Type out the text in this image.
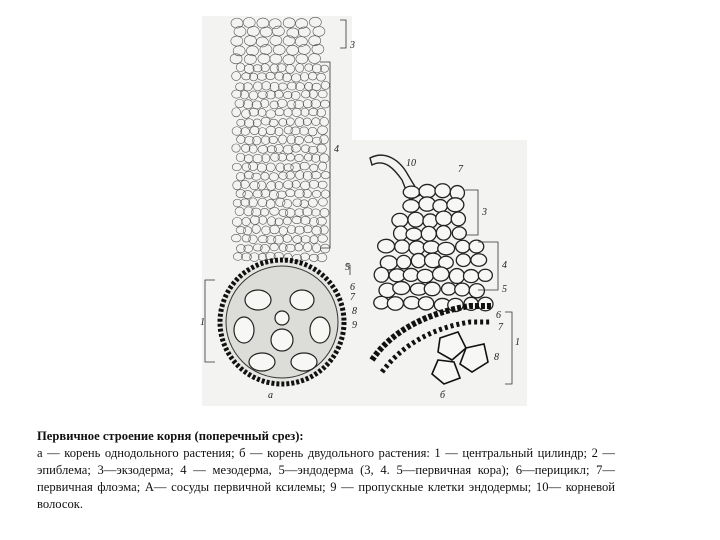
3
4
5
6
7
8
9
1
10
7
3
4
5
6
7
8
1
а	б
Первичное строение корня (поперечный срез):
а — корень однодольного растения; б — корень двудольного растения: 1 — центральный цилиндр; 2 — эпиблема; 3—экзодерма; 4 — мезодерма, 5—эндодерма (3, 4. 5—первичная кора); 6—перицикл; 7—первичная флоэма; А— сосуды первичной ксилемы; 9 — пропускные клетки эндодермы; 10— корневой волосок.
